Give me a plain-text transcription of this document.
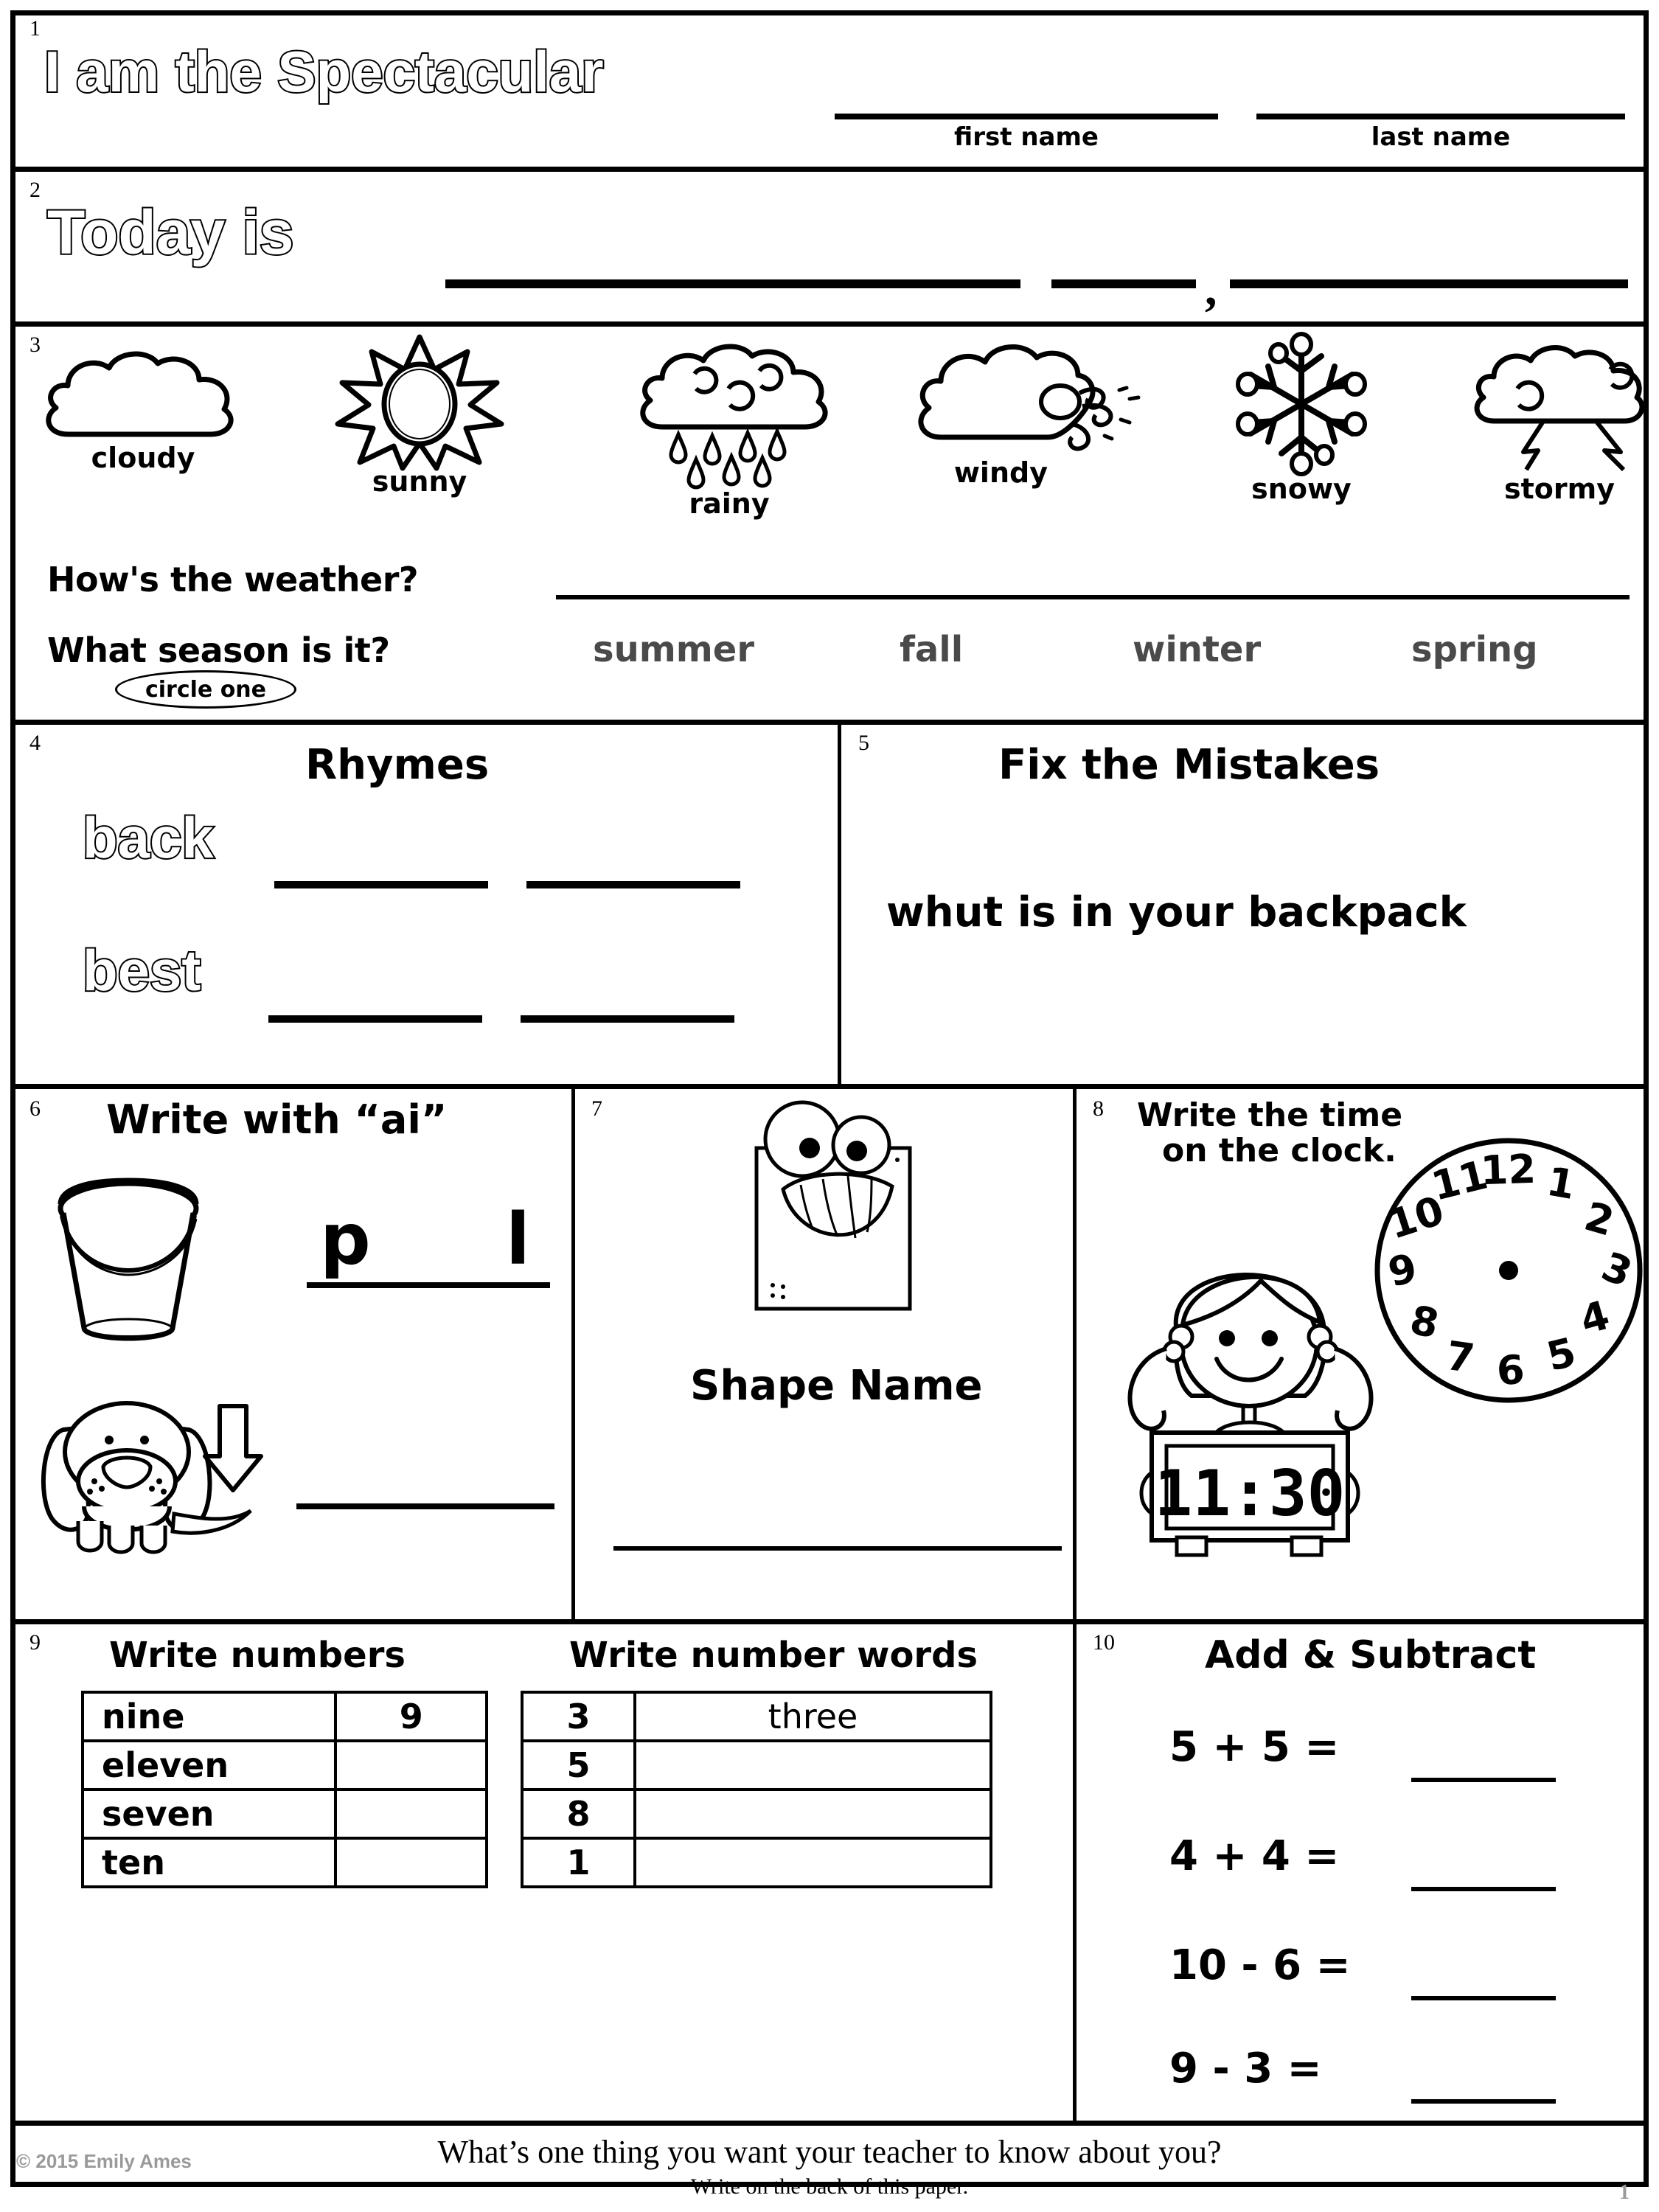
1
I am the Spectacular
first name	last name
2
Today is
,
3
cloudy
sunny
rainy
windy	snowy	stormy
How's the weather?
What season is it?
circle one
summer	fall	winter	spring
4	Rhymes
back
best
5	Fix the Mistakes
whut is in your backpack
6 Write with “ai”
p l
7
Shape Name
8 Write the time
on the clock. 12 1
2
3
4
5
6
7
8
9
10
11
11:30
9 Write numbers	Write number words
nine	9
eleven	
seven	
ten	
3	three
5	
8	
1	
10 Add & Subtract
5 + 5 =
4 + 4 =
10 - 6 =
9 - 3 =
What’s one thing you want your teacher to know about you?
Write on the back of this paper.
© 2015 Emily Ames
1
